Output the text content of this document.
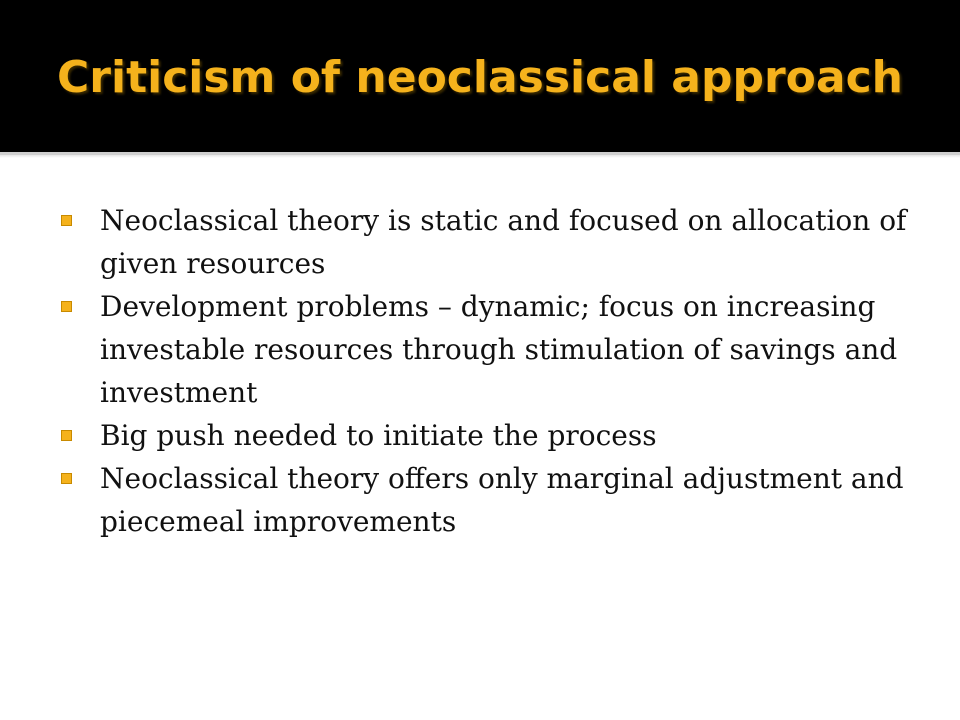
Criticism of neoclassical approach
Neoclassical theory is static and focused on allocation of given resources
Development problems – dynamic; focus on increasing investable resources through stimulation of savings and investment
Big push needed to initiate the process
Neoclassical theory offers only marginal adjustment and piecemeal improvements
